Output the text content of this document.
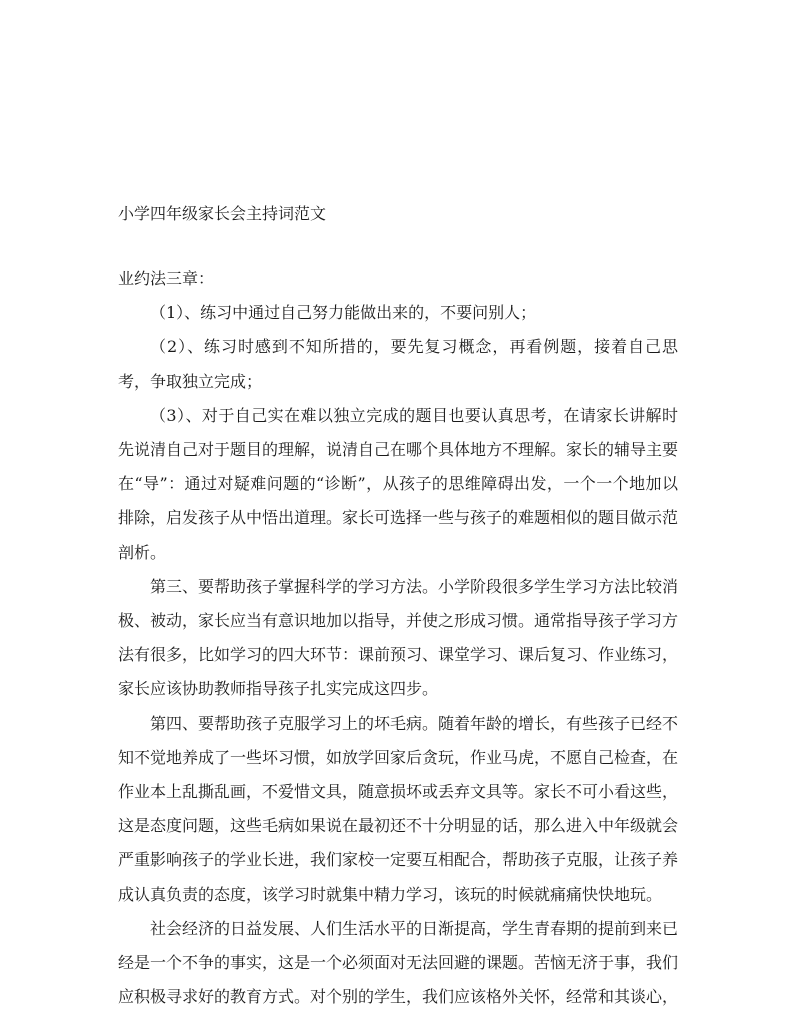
小学四年级家长会主持词范文

业约法三章：

（1）、练习中通过自己努力能做出来的，不要问别人；

（2）、练习时感到不知所措的，要先复习概念，再看例题，接着自己思考，争取独立完成；

（3）、对于自己实在难以独立完成的题目也要认真思考，在请家长讲解时先说清自己对于题目的理解，说清自己在哪个具体地方不理解。家长的辅导主要在“导”：通过对疑难问题的“诊断”，从孩子的思维障碍出发，一个一个地加以排除，启发孩子从中悟出道理。家长可选择一些与孩子的难题相似的题目做示范剖析。

第三、要帮助孩子掌握科学的学习方法。小学阶段很多学生学习方法比较消极、被动，家长应当有意识地加以指导，并使之形成习惯。通常指导孩子学习方法有很多，比如学习的四大环节：课前预习、课堂学习、课后复习、作业练习，家长应该协助教师指导孩子扎实完成这四步。

第四、要帮助孩子克服学习上的坏毛病。随着年龄的增长，有些孩子已经不知不觉地养成了一些坏习惯，如放学回家后贪玩，作业马虎，不愿自己检查，在作业本上乱撕乱画，不爱惜文具，随意损坏或丢弃文具等。家长不可小看这些，这是态度问题，这些毛病如果说在最初还不十分明显的话，那么进入中年级就会严重影响孩子的学业长进，我们家校一定要互相配合，帮助孩子克服，让孩子养成认真负责的态度，该学习时就集中精力学习，该玩的时候就痛痛快快地玩。

社会经济的日益发展、人们生活水平的日渐提高，学生青春期的提前到来已经是一个不争的事实，这是一个必须面对无法回避的课题。苦恼无济于事，我们应积极寻求好的教育方式。对个别的学生，我们应该格外关怀，经常和其谈心，
